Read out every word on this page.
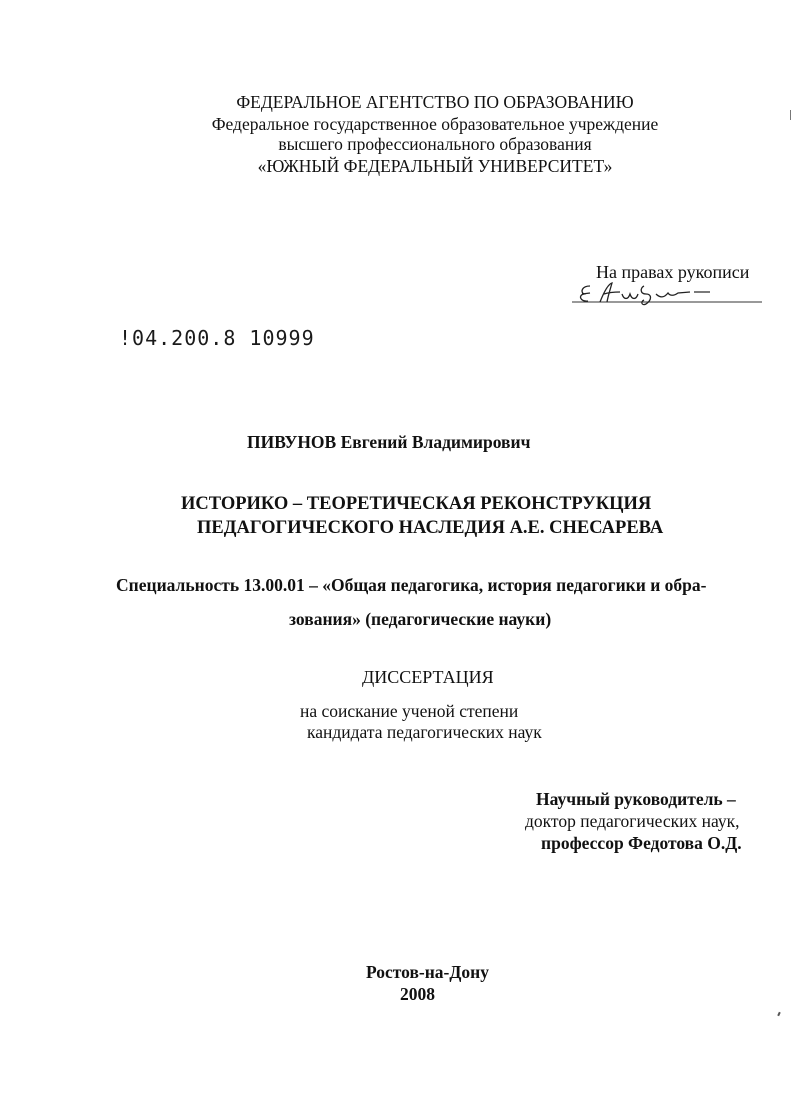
ФЕДЕРАЛЬНОЕ АГЕНТСТВО ПО ОБРАЗОВАНИЮ
Федеральное государственное образовательное учреждение
высшего профессионального образования
«ЮЖНЫЙ ФЕДЕРАЛЬНЫЙ УНИВЕРСИТЕТ»
На правах рукописи
!04.200.8 10999
ПИВУНОВ Евгений Владимирович
ИСТОРИКО – ТЕОРЕТИЧЕСКАЯ РЕКОНСТРУКЦИЯ
ПЕДАГОГИЧЕСКОГО НАСЛЕДИЯ А.Е. СНЕСАРЕВА
Специальность 13.00.01 – «Общая педагогика, история педагогики и обра-
зования» (педагогические науки)
ДИССЕРТАЦИЯ
на соискание ученой степени
кандидата педагогических наук
Научный руководитель –
доктор педагогических наук,
профессор Федотова О.Д.
Ростов-на-Дону
2008
